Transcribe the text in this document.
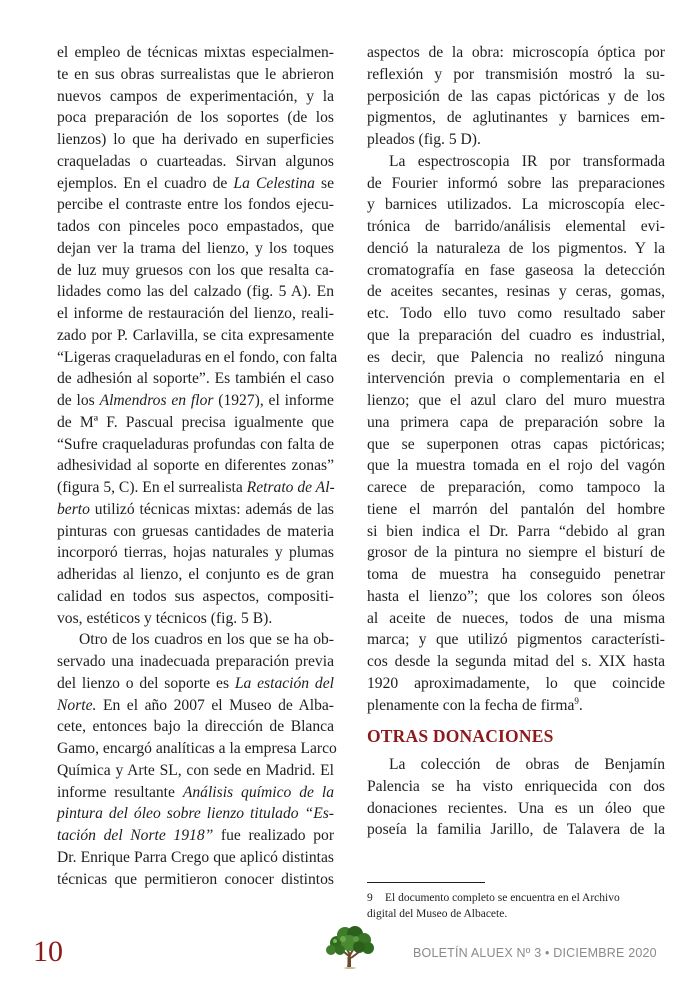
el empleo de técnicas mixtas especialmen-
te en sus obras surrealistas que le abrieron
nuevos campos de experimentación, y la
poca preparación de los soportes (de los
lienzos) lo que ha derivado en superficies
craqueladas o cuarteadas. Sirvan algunos
ejemplos. En el cuadro de La Celestina se
percibe el contraste entre los fondos ejecu-
tados con pinceles poco empastados, que
dejan ver la trama del lienzo, y los toques
de luz muy gruesos con los que resalta ca-
lidades como las del calzado (fig. 5 A). En
el informe de restauración del lienzo, reali-
zado por P. Carlavilla, se cita expresamente
“Ligeras craqueladuras en el fondo, con falta
de adhesión al soporte”. Es también el caso
de los Almendros en flor (1927), el informe
de Mª F. Pascual precisa igualmente que
“Sufre craqueladuras profundas con falta de
adhesividad al soporte en diferentes zonas”
(figura 5, C). En el surrealista Retrato de Al-
berto utilizó técnicas mixtas: además de las
pinturas con gruesas cantidades de materia
incorporó tierras, hojas naturales y plumas
adheridas al lienzo, el conjunto es de gran
calidad en todos sus aspectos, compositi-
vos, estéticos y técnicos (fig. 5 B).
Otro de los cuadros en los que se ha ob-
servado una inadecuada preparación previa
del lienzo o del soporte es La estación del
Norte. En el año 2007 el Museo de Alba-
cete, entonces bajo la dirección de Blanca
Gamo, encargó analíticas a la empresa Larco
Química y Arte SL, con sede en Madrid. El
informe resultante Análisis químico de la
pintura del óleo sobre lienzo titulado “Es-
tación del Norte 1918” fue realizado por
Dr. Enrique Parra Crego que aplicó distintas
técnicas que permitieron conocer distintos
aspectos de la obra: microscopía óptica por
reflexión y por transmisión mostró la su-
perposición de las capas pictóricas y de los
pigmentos, de aglutinantes y barnices em-
pleados (fig. 5 D).
La espectroscopia IR por transformada
de Fourier informó sobre las preparaciones
y barnices utilizados. La microscopía elec-
trónica de barrido/análisis elemental evi-
denció la naturaleza de los pigmentos. Y la
cromatografía en fase gaseosa la detección
de aceites secantes, resinas y ceras, gomas,
etc. Todo ello tuvo como resultado saber
que la preparación del cuadro es industrial,
es decir, que Palencia no realizó ninguna
intervención previa o complementaria en el
lienzo; que el azul claro del muro muestra
una primera capa de preparación sobre la
que se superponen otras capas pictóricas;
que la muestra tomada en el rojo del vagón
carece de preparación, como tampoco la
tiene el marrón del pantalón del hombre
si bien indica el Dr. Parra “debido al gran
grosor de la pintura no siempre el bisturí de
toma de muestra ha conseguido penetrar
hasta el lienzo”; que los colores son óleos
al aceite de nueces, todos de una misma
marca; y que utilizó pigmentos característi-
cos desde la segunda mitad del s. XIX hasta
1920 aproximadamente, lo que coincide
plenamente con la fecha de firma$^9$.
OTRAS DONACIONES
La colección de obras de Benjamín
Palencia se ha visto enriquecida con dos
donaciones recientes. Una es un óleo que
poseía la familia Jarillo, de Talavera de la
9 El documento completo se encuentra en el Archivo
digital del Museo de Albacete.
10	BOLETÍN ALUEX Nº 3 • DICIEMBRE 2020
